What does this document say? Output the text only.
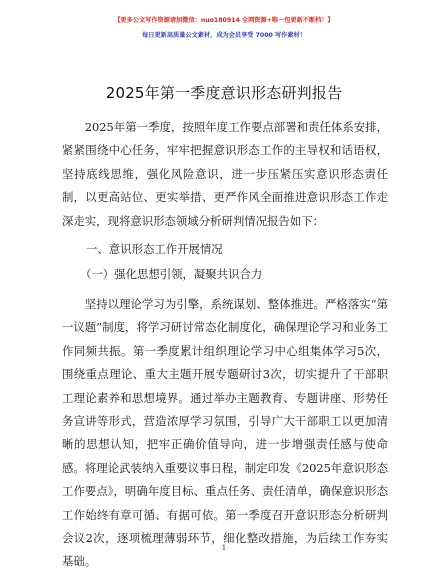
【更多公文写作资源请加微信：nuo180914 全网资源+唯一包更新不断档！】
每日更新高质量公文素材，成为会员享受 7000 写作素材！
2025年第一季度意识形态研判报告

2025年第一季度，按照年度工作要点部署和责任体系安排，紧紧围绕中心任务，牢牢把握意识形态工作的主导权和话语权，坚持底线思维，强化风险意识，进一步压紧压实意识形态责任制，以更高站位、更实举措、更严作风全面推进意识形态工作走深走实，现将意识形态领域分析研判情况报告如下：

一、意识形态工作开展情况
（一）强化思想引领，凝聚共识合力

坚持以理论学习为引擎，系统谋划、整体推进。严格落实“第一议题”制度，将学习研讨常态化制度化，确保理论学习和业务工作同频共振。第一季度累计组织理论学习中心组集体学习5次，围绕重点理论、重大主题开展专题研讨3次，切实提升了干部职工理论素养和思想境界。通过举办主题教育、专题讲座、形势任务宣讲等形式，营造浓厚学习氛围，引导广大干部职工以更加清晰的思想认知，把牢正确价值导向，进一步增强责任感与使命感。将理论武装纳入重要议事日程，制定印发《2025年意识形态工作要点》，明确年度目标、重点任务、责任清单，确保意识形态工作始终有章可循、有据可依。第一季度召开意识形态分析研判会议2次，逐项梳理薄弱环节，细化整改措施，为后续工作夯实基础。

1
